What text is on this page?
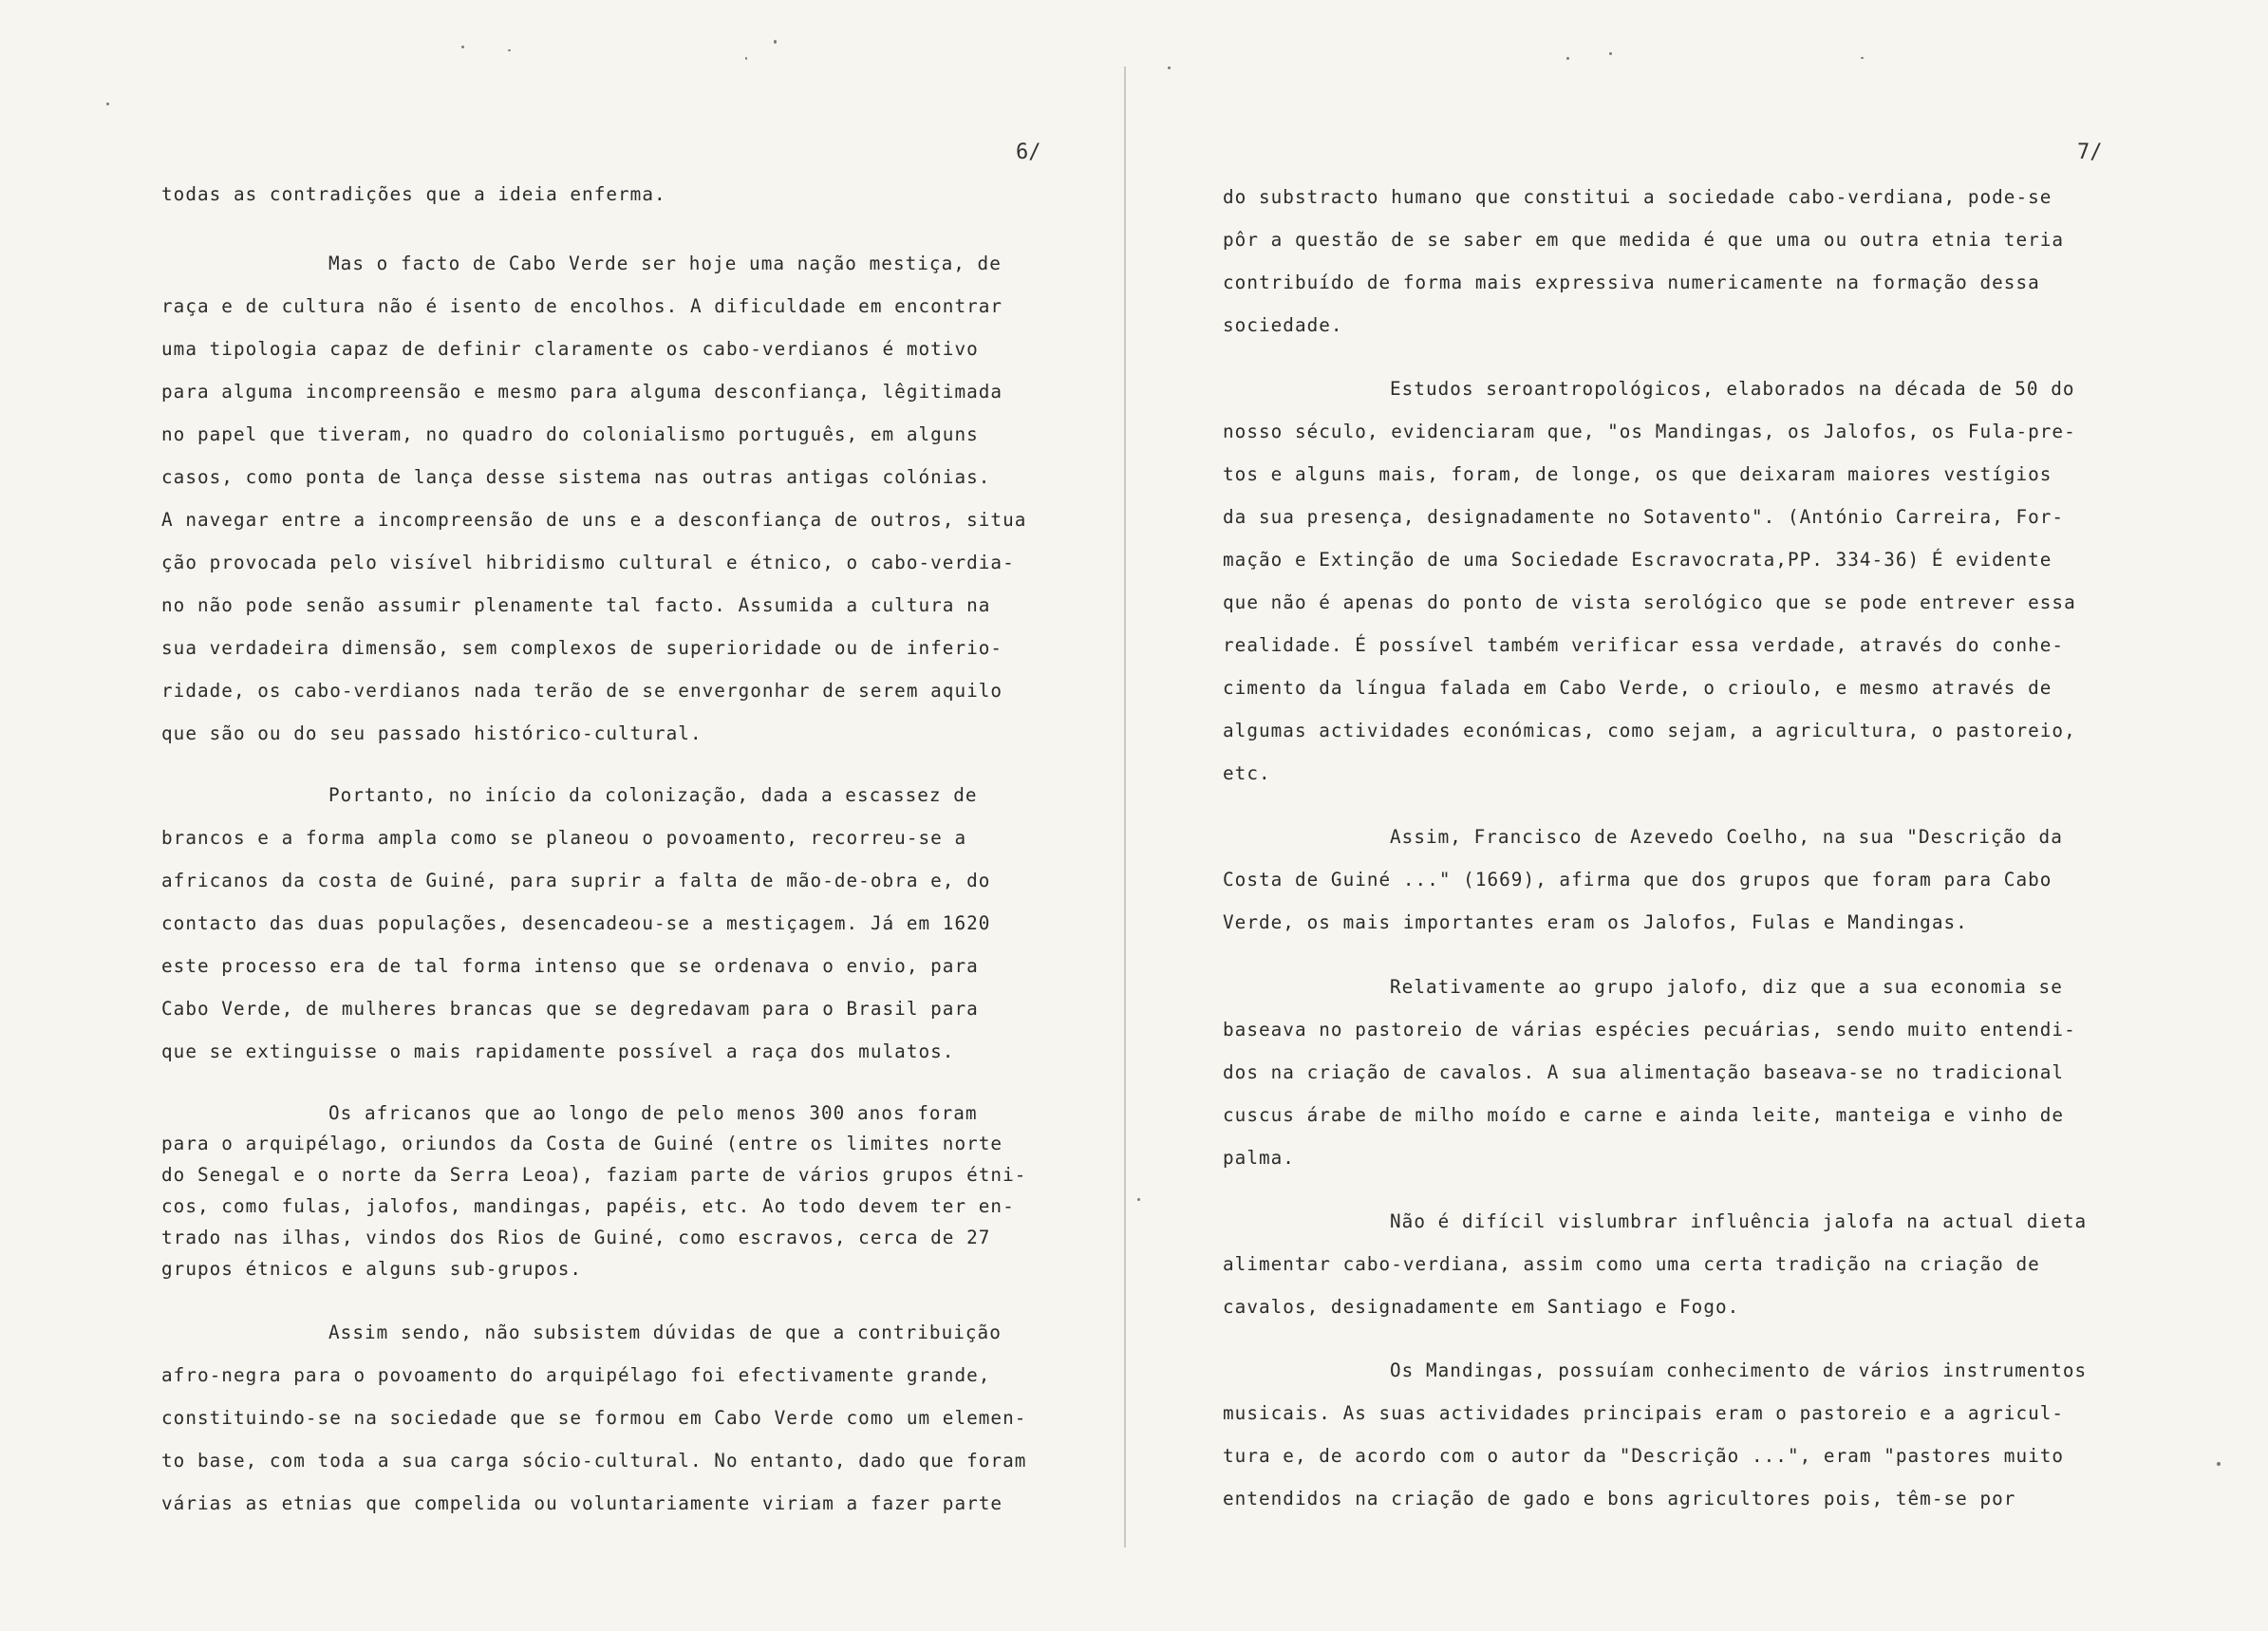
6/
todas as contradições que a ideia enferma.
Mas o facto de Cabo Verde ser hoje uma nação mestiça, de
raça e de cultura não é isento de encolhos. A dificuldade em encontrar
uma tipologia capaz de definir claramente os cabo-verdianos é motivo
para alguma incompreensão e mesmo para alguma desconfiança, lêgitimada
no papel que tiveram, no quadro do colonialismo português, em alguns
casos, como ponta de lança desse sistema nas outras antigas colónias.
A navegar entre a incompreensão de uns e a desconfiança de outros, situa
ção provocada pelo visível hibridismo cultural e étnico, o cabo-verdia-
no não pode senão assumir plenamente tal facto. Assumida a cultura na
sua verdadeira dimensão, sem complexos de superioridade ou de inferio-
ridade, os cabo-verdianos nada terão de se envergonhar de serem aquilo
que são ou do seu passado histórico-cultural.
Portanto, no início da colonização, dada a escassez de
brancos e a forma ampla como se planeou o povoamento, recorreu-se a
africanos da costa de Guiné, para suprir a falta de mão-de-obra e, do
contacto das duas populações, desencadeou-se a mestiçagem. Já em 1620
este processo era de tal forma intenso que se ordenava o envio, para
Cabo Verde, de mulheres brancas que se degredavam para o Brasil para
que se extinguisse o mais rapidamente possível a raça dos mulatos.
Os africanos que ao longo de pelo menos 300 anos foram
para o arquipélago, oriundos da Costa de Guiné (entre os limites norte
do Senegal e o norte da Serra Leoa), faziam parte de vários grupos étni-
cos, como fulas, jalofos, mandingas, papéis, etc. Ao todo devem ter en-
trado nas ilhas, vindos dos Rios de Guiné, como escravos, cerca de 27
grupos étnicos e alguns sub-grupos.
Assim sendo, não subsistem dúvidas de que a contribuição
afro-negra para o povoamento do arquipélago foi efectivamente grande,
constituindo-se na sociedade que se formou em Cabo Verde como um elemen-
to base, com toda a sua carga sócio-cultural. No entanto, dado que foram
várias as etnias que compelida ou voluntariamente viriam a fazer parte
7/
do substracto humano que constitui a sociedade cabo-verdiana, pode-se
pôr a questão de se saber em que medida é que uma ou outra etnia teria
contribuído de forma mais expressiva numericamente na formação dessa
sociedade.
Estudos seroantropológicos, elaborados na década de 50 do
nosso século, evidenciaram que, "os Mandingas, os Jalofos, os Fula-pre-
tos e alguns mais, foram, de longe, os que deixaram maiores vestígios
da sua presença, designadamente no Sotavento". (António Carreira, For-
mação e Extinção de uma Sociedade Escravocrata,PP. 334-36) É evidente
que não é apenas do ponto de vista serológico que se pode entrever essa
realidade. É possível também verificar essa verdade, através do conhe-
cimento da língua falada em Cabo Verde, o crioulo, e mesmo através de
algumas actividades económicas, como sejam, a agricultura, o pastoreio,
etc.
Assim, Francisco de Azevedo Coelho, na sua "Descrição da
Costa de Guiné ..." (1669), afirma que dos grupos que foram para Cabo
Verde, os mais importantes eram os Jalofos, Fulas e Mandingas.
Relativamente ao grupo jalofo, diz que a sua economia se
baseava no pastoreio de várias espécies pecuárias, sendo muito entendi-
dos na criação de cavalos. A sua alimentação baseava-se no tradicional
cuscus árabe de milho moído e carne e ainda leite, manteiga e vinho de
palma.
Não é difícil vislumbrar influência jalofa na actual dieta
alimentar cabo-verdiana, assim como uma certa tradição na criação de
cavalos, designadamente em Santiago e Fogo.
Os Mandingas, possuíam conhecimento de vários instrumentos
musicais. As suas actividades principais eram o pastoreio e a agricul-
tura e, de acordo com o autor da "Descrição ...", eram "pastores muito
entendidos na criação de gado e bons agricultores pois, têm-se por
